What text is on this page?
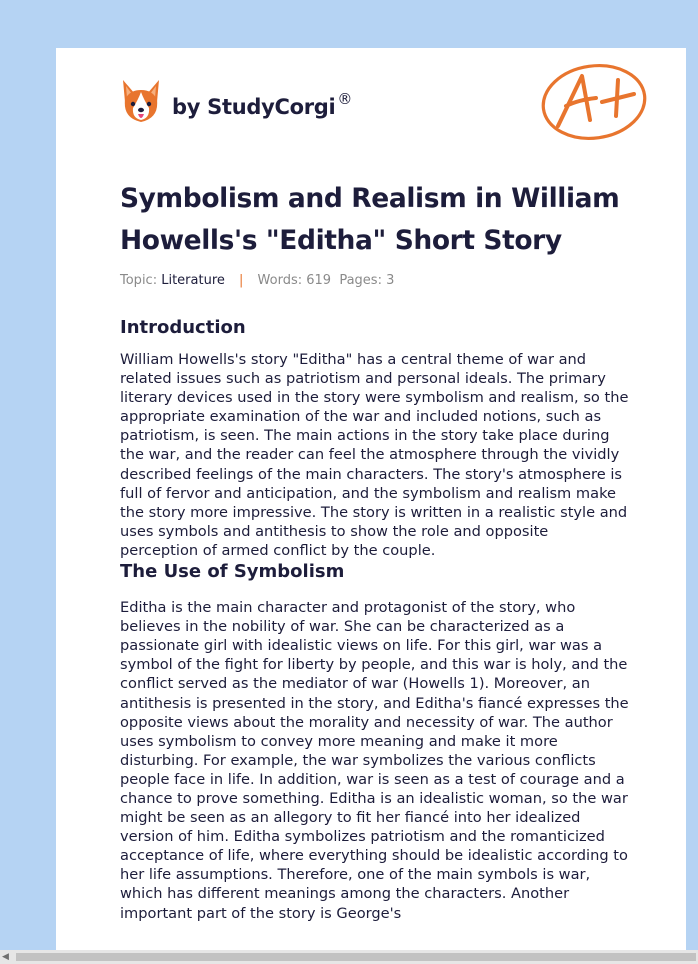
by StudyCorgi ®
Symbolism and Realism in William Howells's "Editha" Short Story
Topic: Literature | Words: 619 Pages: 3
Introduction

William Howells's story "Editha" has a central theme of war and related issues such as patriotism and personal ideals. The primary literary devices used in the story were symbolism and realism, so the appropriate examination of the war and included notions, such as patriotism, is seen. The main actions in the story take place during the war, and the reader can feel the atmosphere through the vividly described feelings of the main characters. The story's atmosphere is full of fervor and anticipation, and the symbolism and realism make the story more impressive. The story is written in a realistic style and uses symbols and antithesis to show the role and opposite perception of armed conflict by the couple.

The Use of Symbolism

Editha is the main character and protagonist of the story, who believes in the nobility of war. She can be characterized as a passionate girl with idealistic views on life. For this girl, war was a symbol of the fight for liberty by people, and this war is holy, and the conflict served as the mediator of war (Howells 1). Moreover, an antithesis is presented in the story, and Editha's fiancé expresses the opposite views about the morality and necessity of war. The author uses symbolism to convey more meaning and make it more disturbing. For example, the war symbolizes the various conflicts people face in life. In addition, war is seen as a test of courage and a chance to prove something. Editha is an idealistic woman, so the war might be seen as an allegory to fit her fiancé into her idealized version of him. Editha symbolizes patriotism and the romanticized acceptance of life, where everything should be idealistic according to her life assumptions. Therefore, one of the main symbols is war, which has different meanings among the characters. Another important part of the story is George's

◀
